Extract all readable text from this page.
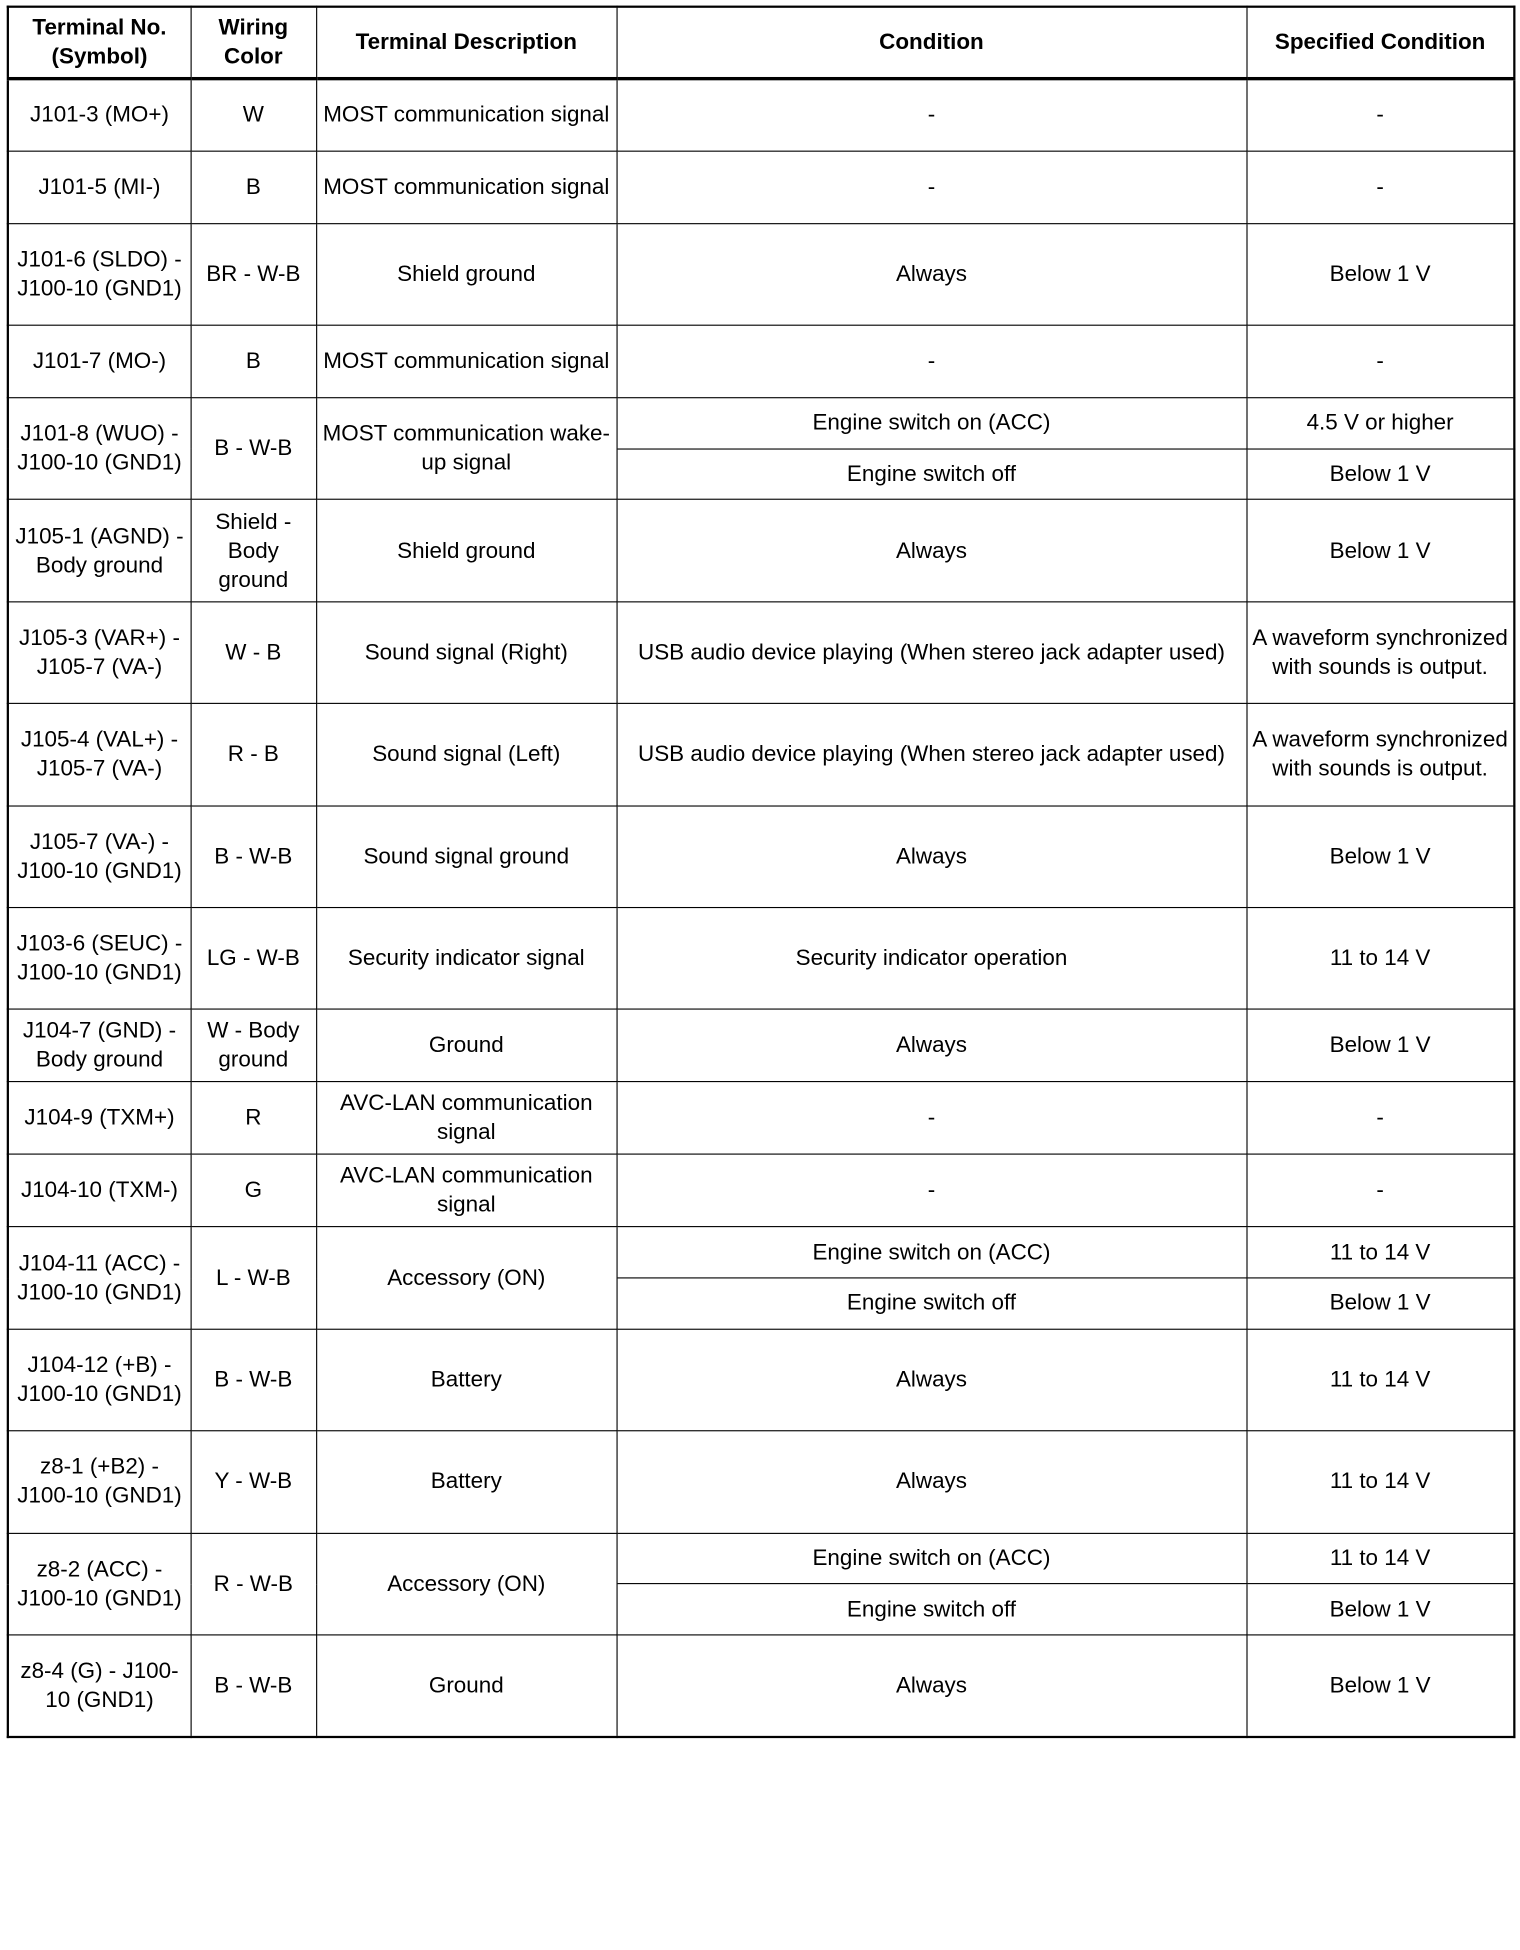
Terminal No. (Symbol)	Wiring Color	Terminal Description	Condition	Specified Condition
J101-3 (MO+)	W	MOST communication signal	-	-
J101-5 (MI-)	B	MOST communication signal	-	-
J101-6 (SLDO) - J100-10 (GND1)	BR - W-B	Shield ground	Always	Below 1 V
J101-7 (MO-)	B	MOST communication signal	-	-
J101-8 (WUO) - J100-10 (GND1)	B - W-B	MOST communication wake-up signal	Engine switch on (ACC)	4.5 V or higher
			Engine switch off	Below 1 V
J105-1 (AGND) - Body ground	Shield - Body ground	Shield ground	Always	Below 1 V
J105-3 (VAR+) - J105-7 (VA-)	W - B	Sound signal (Right)	USB audio device playing (When stereo jack adapter used)	A waveform synchronized with sounds is output.
J105-4 (VAL+) - J105-7 (VA-)	R - B	Sound signal (Left)	USB audio device playing (When stereo jack adapter used)	A waveform synchronized with sounds is output.
J105-7 (VA-) - J100-10 (GND1)	B - W-B	Sound signal ground	Always	Below 1 V
J103-6 (SEUC) - J100-10 (GND1)	LG - W-B	Security indicator signal	Security indicator operation	11 to 14 V
J104-7 (GND) - Body ground	W - Body ground	Ground	Always	Below 1 V
J104-9 (TXM+)	R	AVC-LAN communication signal	-	-
J104-10 (TXM-)	G	AVC-LAN communication signal	-	-
J104-11 (ACC) - J100-10 (GND1)	L - W-B	Accessory (ON)	Engine switch on (ACC)	11 to 14 V
			Engine switch off	Below 1 V
J104-12 (+B) - J100-10 (GND1)	B - W-B	Battery	Always	11 to 14 V
z8-1 (+B2) - J100-10 (GND1)	Y - W-B	Battery	Always	11 to 14 V
z8-2 (ACC) - J100-10 (GND1)	R - W-B	Accessory (ON)	Engine switch on (ACC)	11 to 14 V
			Engine switch off	Below 1 V
z8-4 (G) - J100-10 (GND1)	B - W-B	Ground	Always	Below 1 V
